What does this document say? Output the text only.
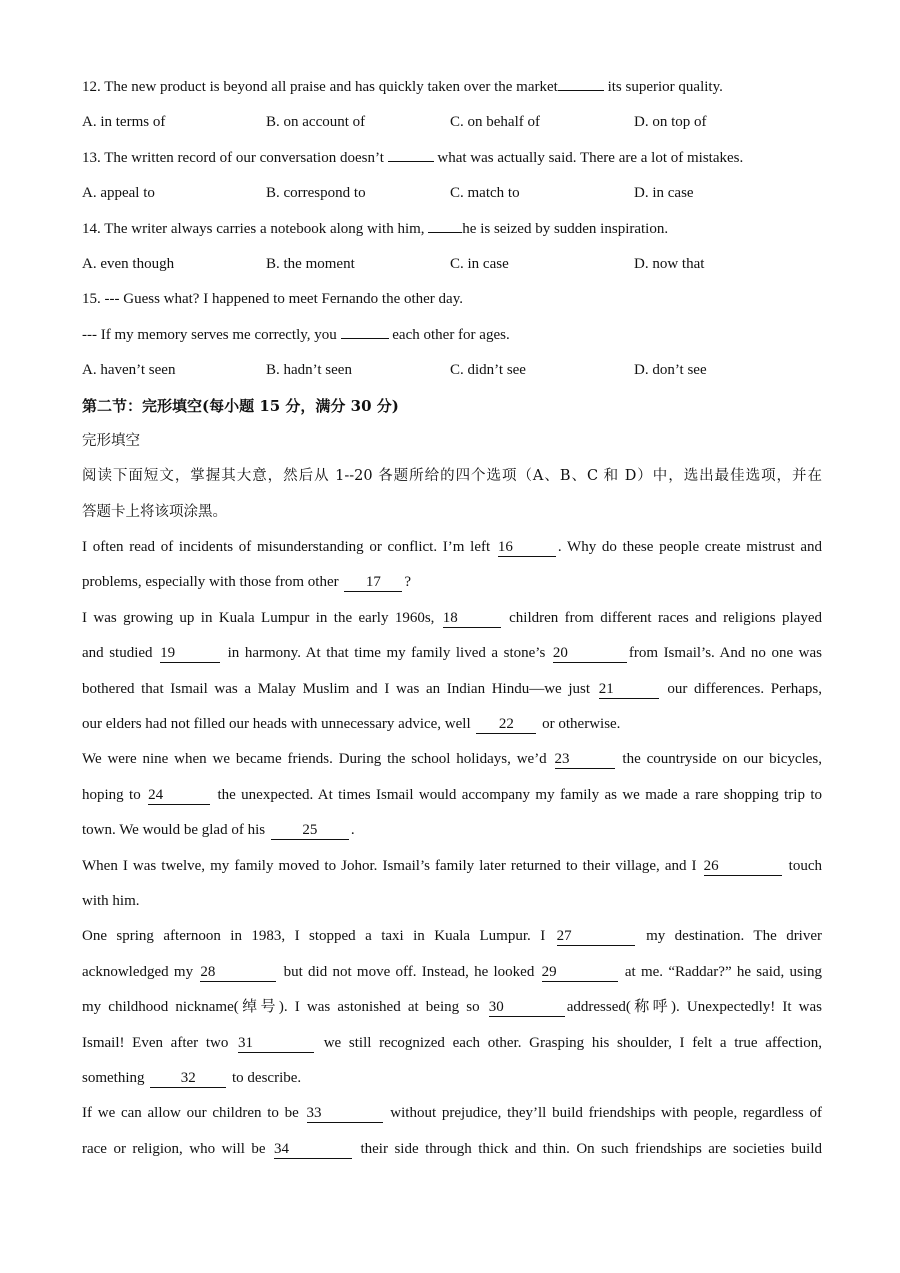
12. The new product is beyond all praise and has quickly taken over the market	its superior quality.
A. in terms of	B. on account of	C. on behalf of	D. on top of
13. The written record of our conversation doesn’t	what was actually said. There are a lot of mistakes.
A. appeal to	B. correspond to	C. match to	D. in case
14. The writer always carries a notebook along with him, he is seized by sudden inspiration.
A. even though	B. the moment	C. in case	D. now that
15. --- Guess what? I happened to meet Fernando the other day.
--- If my memory serves me correctly, you	each other for ages.
A. haven’t seen	B. hadn’t seen	C. didn’t see	D. don’t see
第二节：完形填空(每小题 15 分，满分 30 分)
完形填空
阅读下面短文，掌握其大意，然后从 1--20 各题所给的四个选项（A、B、C 和 D）中，选出最佳选项，并在
答题卡上将该项涂黑。
I often read of incidents of misunderstanding or conflict. I’m left 16	. Why do these people create mistrust and
problems, especially with those from other 17 ?
I was growing up in Kuala Lumpur in the early 1960s, 18	children from different races and religions played
and studied 19	in harmony. At that time my family lived a stone’s 20	from Ismail’s. And no one was
bothered that Ismail was a Malay Muslim and I was an Indian Hindu—we just 21	our differences. Perhaps,
our elders had not filled our heads with unnecessary advice, well 22 or otherwise.
We were nine when we became friends. During the school holidays, we’d 23	the countryside on our bicycles,
hoping to 24	the unexpected. At times Ismail would accompany my family as we made a rare shopping trip to
town. We would be glad of his 25 .
When I was twelve, my family moved to Johor. Ismail’s family later returned to their village, and I 26	touch
with him.
One spring afternoon in 1983, I stopped a taxi in Kuala Lumpur. I 27	my destination. The driver
acknowledged my 28	but did not move off. Instead, he looked 29	at me. “Raddar?” he said, using
my childhood nickname(绰号). I was astonished at being so 30	addressed(称呼). Unexpectedly! It was
Ismail! Even after two 31	we still recognized each other. Grasping his shoulder, I felt a true affection,
something 32 to describe.
If we can allow our children to be 33	without prejudice, they’ll build friendships with people, regardless of
race or religion, who will be 34	their side through thick and thin. On such friendships are societies build
